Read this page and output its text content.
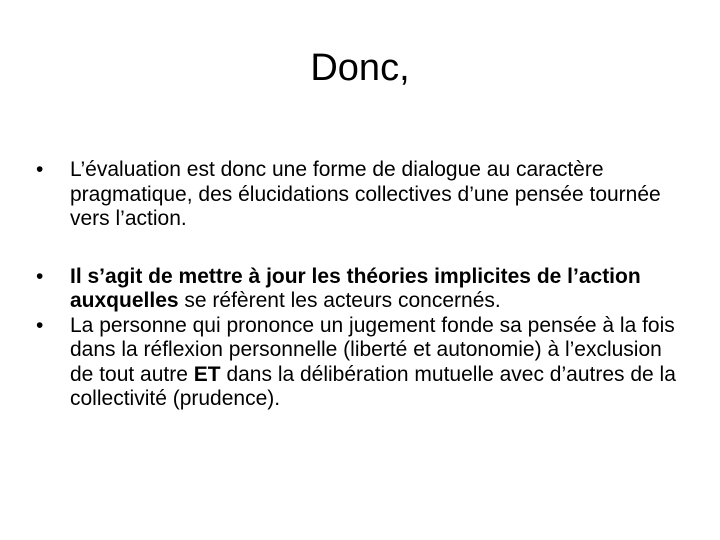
Donc,

•	L’évaluation est donc une forme de dialogue au caractère pragmatique, des élucidations collectives d’une pensée tournée vers l’action.

•	Il s’agit de mettre à jour les théories implicites de l’action auxquelles se réfèrent les acteurs concernés.

•	La personne qui prononce un jugement fonde sa pensée à la fois dans la réflexion personnelle (liberté et autonomie) à l’exclusion de tout autre ET dans la délibération mutuelle avec d’autres de la collectivité (prudence).
